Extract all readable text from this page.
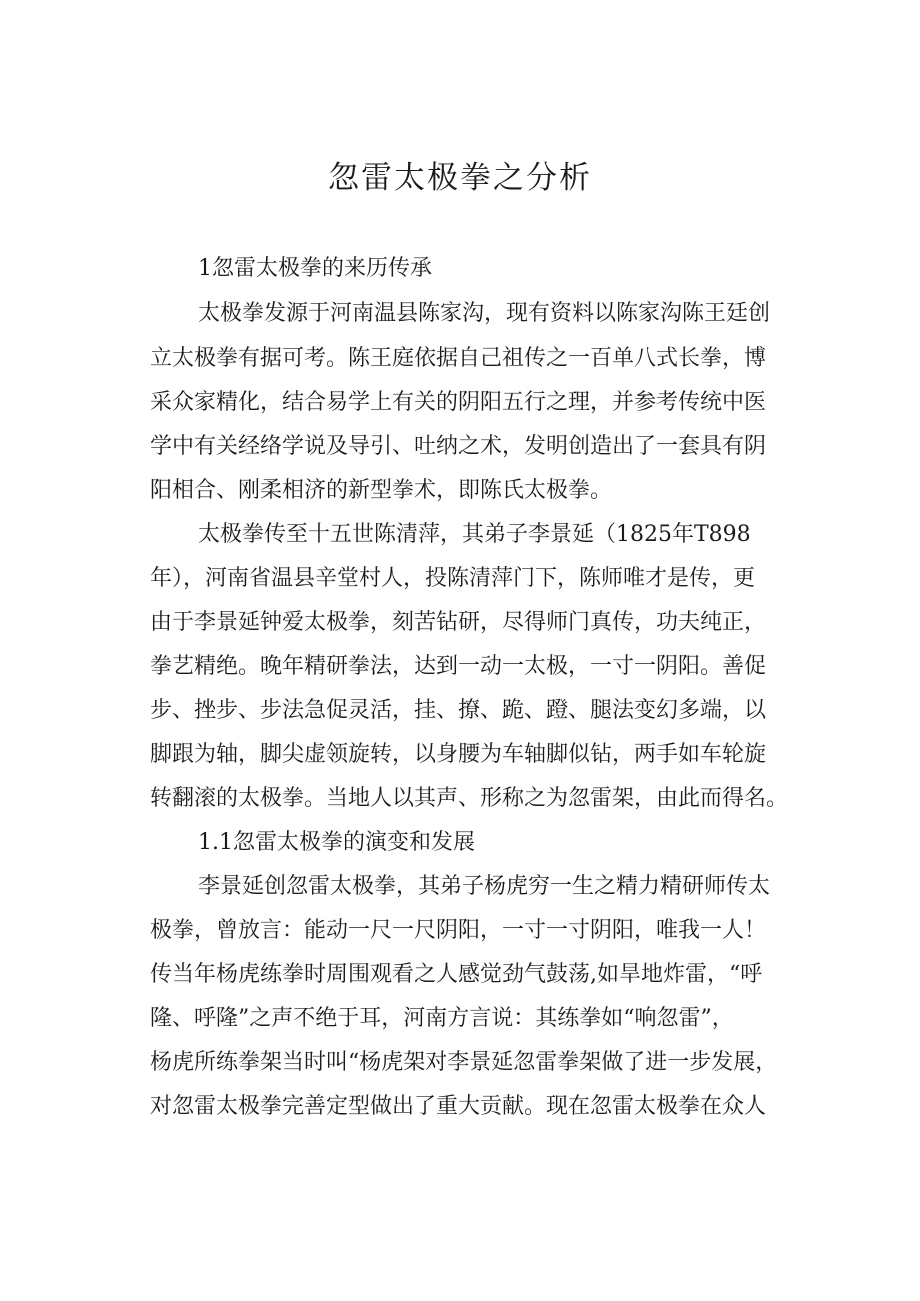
忽雷太极拳之分析

1忽雷太极拳的来历传承

太极拳发源于河南温县陈家沟，现有资料以陈家沟陈王廷创

立太极拳有据可考。陈王庭依据自己祖传之一百单八式长拳，博

采众家精化，结合易学上有关的阴阳五行之理，并参考传统中医

学中有关经络学说及导引、吐纳之术，发明创造出了一套具有阴

阳相合、刚柔相济的新型拳术，即陈氏太极拳。

太极拳传至十五世陈清萍，其弟子李景延（1825年T898

年），河南省温县辛堂村人，投陈清萍门下，陈师唯才是传，更

由于李景延钟爱太极拳，刻苦钻研，尽得师门真传，功夫纯正，

拳艺精绝。晚年精研拳法，达到一动一太极，一寸一阴阳。善促

步、挫步、步法急促灵活，挂、撩、跪、蹬、腿法变幻多端，以

脚跟为轴，脚尖虚领旋转，以身腰为车轴脚似钻，两手如车轮旋

转翻滚的太极拳。当地人以其声、形称之为忽雷架，由此而得名。

1.1忽雷太极拳的演变和发展

李景延创忽雷太极拳，其弟子杨虎穷一生之精力精研师传太

极拳，曾放言：能动一尺一尺阴阳，一寸一寸阴阳，唯我一人！

传当年杨虎练拳时周围观看之人感觉劲气鼓荡,如旱地炸雷，“呼

隆、呼隆”之声不绝于耳，河南方言说：其练拳如“响忽雷”，

杨虎所练拳架当时叫“杨虎架对李景延忽雷拳架做了进一步发展，

对忽雷太极拳完善定型做出了重大贡献。现在忽雷太极拳在众人
